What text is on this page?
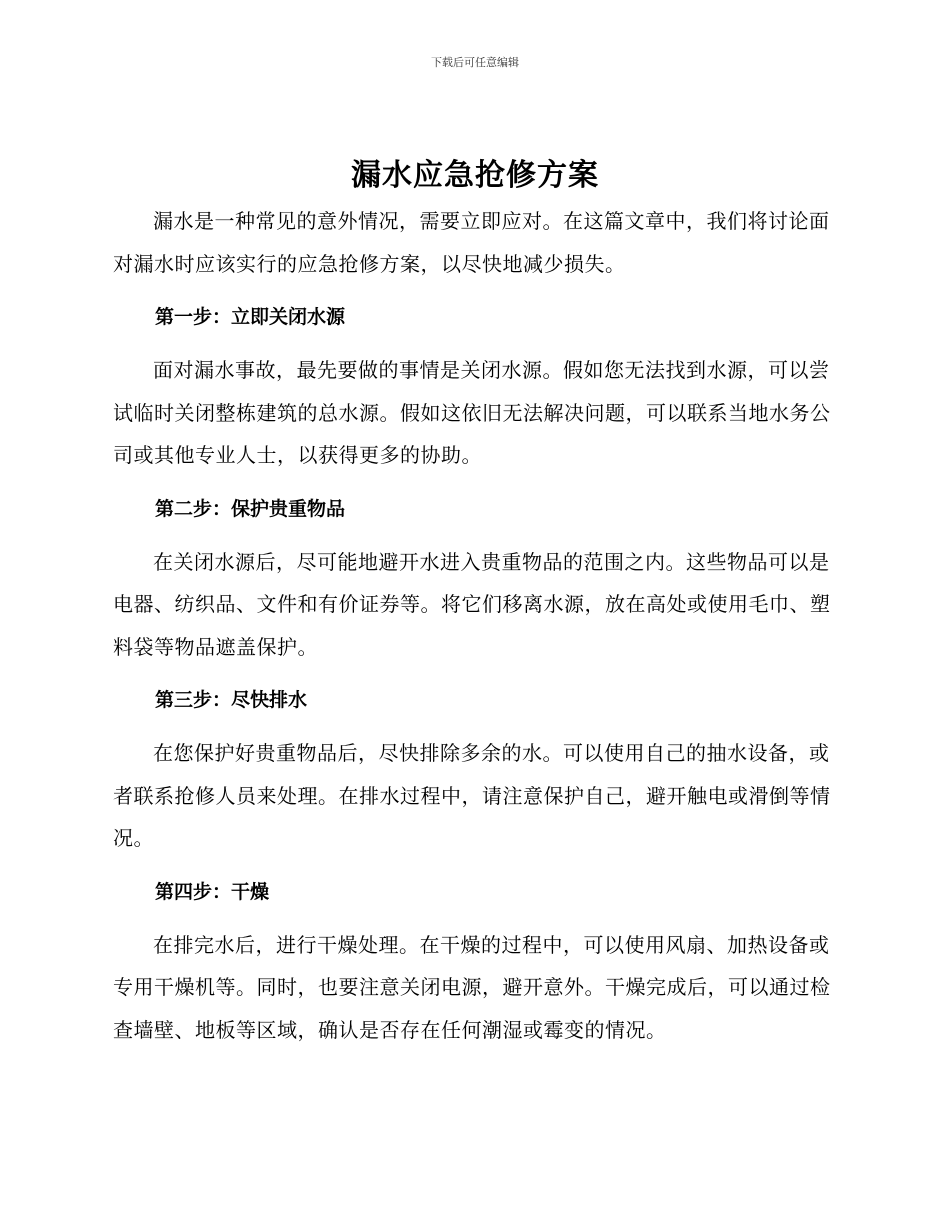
下载后可任意编辑
漏水应急抢修方案

漏水是一种常见的意外情况，需要立即应对。在这篇文章中，我们将讨论面对漏水时应该实行的应急抢修方案，以尽快地减少损失。

第一步：立即关闭水源

面对漏水事故，最先要做的事情是关闭水源。假如您无法找到水源，可以尝试临时关闭整栋建筑的总水源。假如这依旧无法解决问题，可以联系当地水务公司或其他专业人士，以获得更多的协助。

第二步：保护贵重物品

在关闭水源后，尽可能地避开水进入贵重物品的范围之内。这些物品可以是电器、纺织品、文件和有价证券等。将它们移离水源，放在高处或使用毛巾、塑料袋等物品遮盖保护。

第三步：尽快排水

在您保护好贵重物品后，尽快排除多余的水。可以使用自己的抽水设备，或者联系抢修人员来处理。在排水过程中，请注意保护自己，避开触电或滑倒等情况。

第四步：干燥

在排完水后，进行干燥处理。在干燥的过程中，可以使用风扇、加热设备或专用干燥机等。同时，也要注意关闭电源，避开意外。干燥完成后，可以通过检查墙壁、地板等区域，确认是否存在任何潮湿或霉变的情况。
